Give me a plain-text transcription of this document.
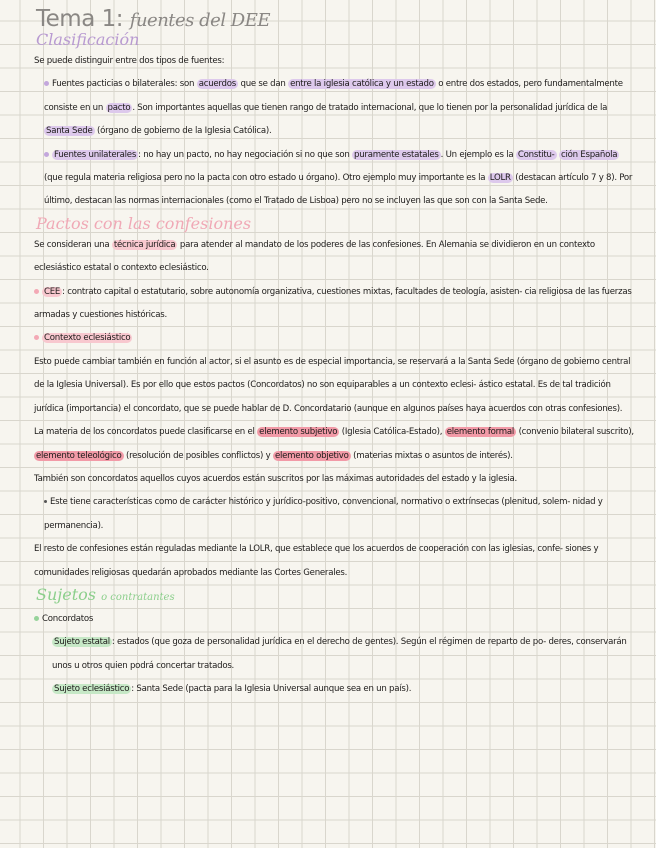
Tema 1: fuentes del DEE
Clasificación

Se puede distinguir entre dos tipos de fuentes:

Fuentes pacticias o bilaterales: son acuerdos que se dan entre la iglesia católica y un estado o entre dos estados, pero fundamentalmente consiste en un pacto . Son importantes aquellas que tienen rango de tratado internacional, que lo tienen por la personalidad jurídica de la Santa Sede (órgano de gobierno de la Iglesia Católica).

Fuentes unilaterales : no hay un pacto, no hay negociación si no que son puramente estatales . Un ejemplo es la Constitu- ción Española (que regula materia religiosa pero no la pacta con otro estado u órgano). Otro ejemplo muy importante es la LOLR (destacan artículo 7 y 8). Por último, destacan las normas internacionales (como el Tratado de Lisboa) pero no se incluyen las que son con la Santa Sede.

Pactos con las confesiones

Se consideran una técnica jurídica para atender al mandato de los poderes de las confesiones. En Alemania se dividieron en un contexto eclesiástico estatal o contexto eclesiástico.

CEE : contrato capital o estatutario, sobre autonomía organizativa, cuestiones mixtas, facultades de teología, asisten- cia religiosa de las fuerzas armadas y cuestiones históricas.

Contexto eclesiástico

Esto puede cambiar también en función al actor, si el asunto es de especial importancia, se reservará a la Santa Sede (órgano de gobierno central de la Iglesia Universal). Es por ello que estos pactos (Concordatos) no son equiparables a un contexto eclesi- ástico estatal. Es de tal tradición jurídica (importancia) el concordato, que se puede hablar de D. Concordatario (aunque en algunos países haya acuerdos con otras confesiones).

La materia de los concordatos puede clasificarse en el elemento subjetivo (Iglesia Católica-Estado), elemento formal (convenio bilateral suscrito), elemento teleológico (resolución de posibles conflictos) y elemento objetivo (materias mixtas o asuntos de interés).

También son concordatos aquellos cuyos acuerdos están suscritos por las máximas autoridades del estado y la iglesia.

Este tiene características como de carácter histórico y jurídico-positivo, convencional, normativo o extrínsecas (plenitud, solem- nidad y permanencia).

El resto de confesiones están reguladas mediante la LOLR, que establece que los acuerdos de cooperación con las iglesias, confe- siones y comunidades religiosas quedarán aprobados mediante las Cortes Generales.

Sujetos o contratantes

Concordatos

Sujeto estatal : estados (que goza de personalidad jurídica en el derecho de gentes). Según el régimen de reparto de po- deres, conservarán unos u otros quien podrá concertar tratados.

Sujeto eclesiástico : Santa Sede (pacta para la Iglesia Universal aunque sea en un país).
